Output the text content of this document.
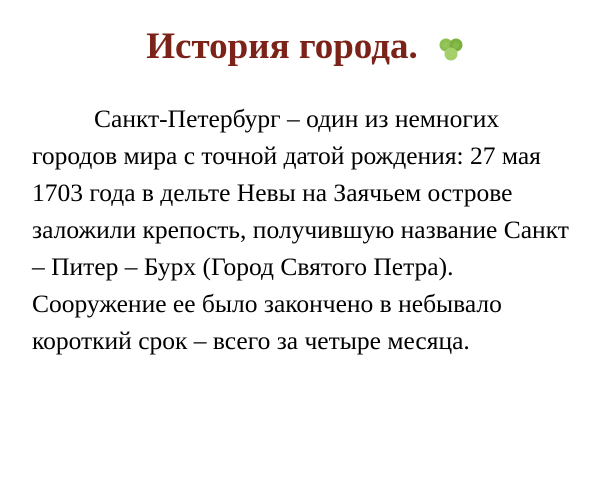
История города.
Санкт-Петербург – один из немногих городов мира с точной датой рождения: 27 мая 1703 года в дельте Невы на Заячьем острове заложили крепость, получившую название Санкт – Питер – Бурх (Город Святого Петра). Сооружение ее было закончено в небывало короткий срок – всего за четыре месяца.
